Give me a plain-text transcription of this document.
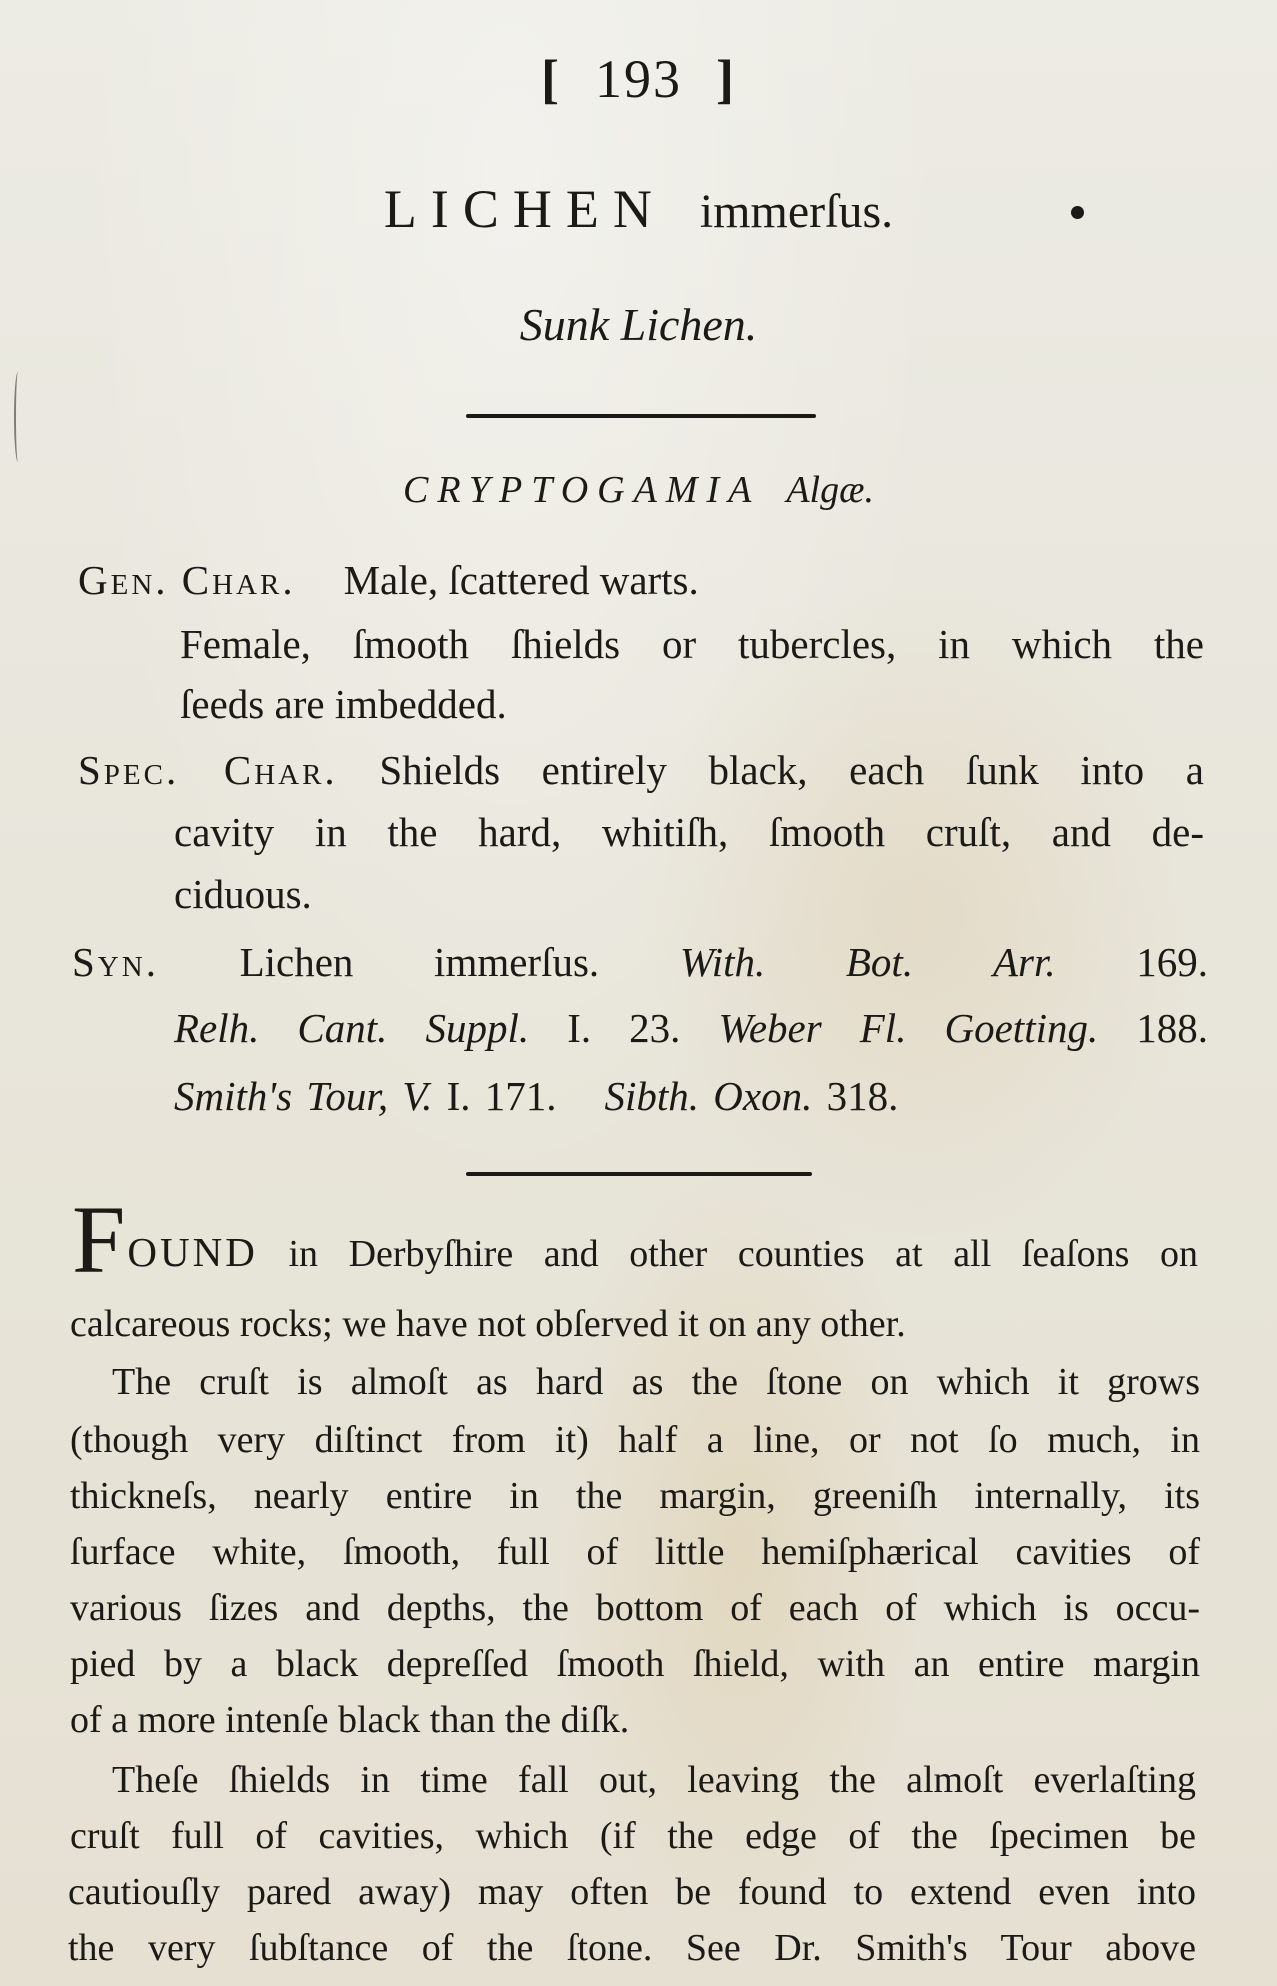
[ 193 ]
LICHEN immerſus.
Sunk Lichen.
CRYPTOGAMIA Algæ.
Gen. Char. Male, ſcattered warts.
Female, ſmooth ſhields or tubercles, in which the
ſeeds are imbedded.
Spec. Char. Shields entirely black, each ſunk into a
cavity in the hard, whitiſh, ſmooth cruſt, and de-
ciduous.
Syn. Lichen immerſus. With. Bot. Arr. 169.
Relh. Cant. Suppl. I. 23. Weber Fl. Goetting. 188.
Smith's Tour, V. I. 171. Sibth. Oxon. 318.
FOUND in Derbyſhire and other counties at all ſeaſons on
calcareous rocks; we have not obſerved it on any other.
The cruſt is almoſt as hard as the ſtone on which it grows
(though very diſtinct from it) half a line, or not ſo much, in
thickneſs, nearly entire in the margin, greeniſh internally, its
ſurface white, ſmooth, full of little hemiſphærical cavities of
various ſizes and depths, the bottom of each of which is occu-
pied by a black depreſſed ſmooth ſhield, with an entire margin
of a more intenſe black than the diſk.
Theſe ſhields in time fall out, leaving the almoſt everlaſting
cruſt full of cavities, which (if the edge of the ſpecimen be
cautiouſly pared away) may often be found to extend even into
the very ſubſtance of the ſtone. See Dr. Smith's Tour above
